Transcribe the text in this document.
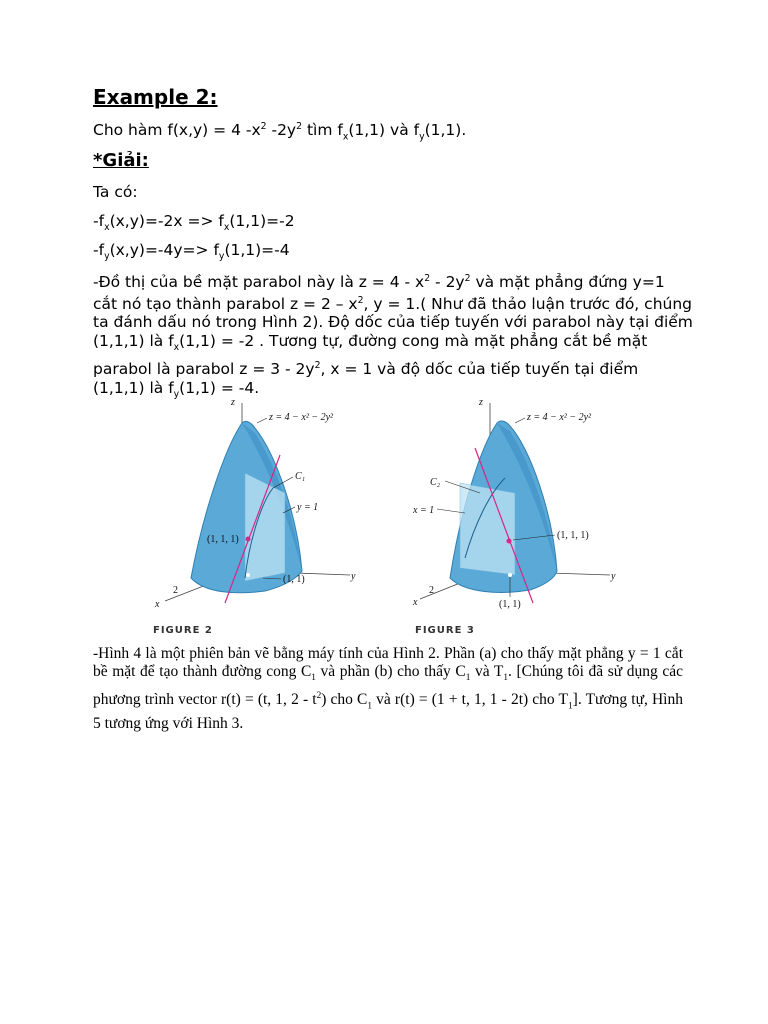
Example 2:
Cho hàm f(x,y) = 4 $-x^2$ $-2y^2$ tìm $f_x(1,1)$ và $f_y(1,1)$.
*Giải:
Ta có:
$-f_x(x,y)=-2x => f_x(1,1)=-2$
$-f_y(x,y)=-4y=> f_y(1,1)=-4$
-Đồ thị của bề mặt parabol này là $z = 4 - x^2 - 2y^2$ và mặt phẳng đứng y=1 cắt nó tạo thành parabol $z = 2 - x^2$, y = 1.( Như đã thảo luận trước đó, chúng ta đánh dấu nó trong Hình 2). Độ dốc của tiếp tuyến với parabol này tại điểm (1,1,1) là $f_x(1,1) = -2$ . Tương tự, đường cong mà mặt phẳng cắt bề mặt parabol là parabol $z = 3 - 2y^2$, x = 1 và độ dốc của tiếp tuyến tại điểm (1,1,1) là $f_y(1,1) = -4$.
z = 4 − x² − 2y²
C₁
y = 1
(1, 1, 1)
(1, 1)
z
y
x
2
FIGURE 2
z = 4 − x² − 2y²
C₂
x = 1
(1, 1, 1)
(1, 1)
z
y
x
2
FIGURE 3
-Hình 4 là một phiên bản vẽ bằng máy tính của Hình 2. Phần (a) cho thấy mặt phẳng y = 1 cắt bề mặt để tạo thành đường cong $C_1$ và phần (b) cho thấy $C_1$ và $T_1$. [Chúng tôi đã sử dụng các phương trình vector r(t) = (t, 1, $2 - t^2$) cho $C_1$ và r(t) = (1 + t, 1, 1 - 2t) cho $T_1$]. Tương tự, Hình 5 tương ứng với Hình 3.
